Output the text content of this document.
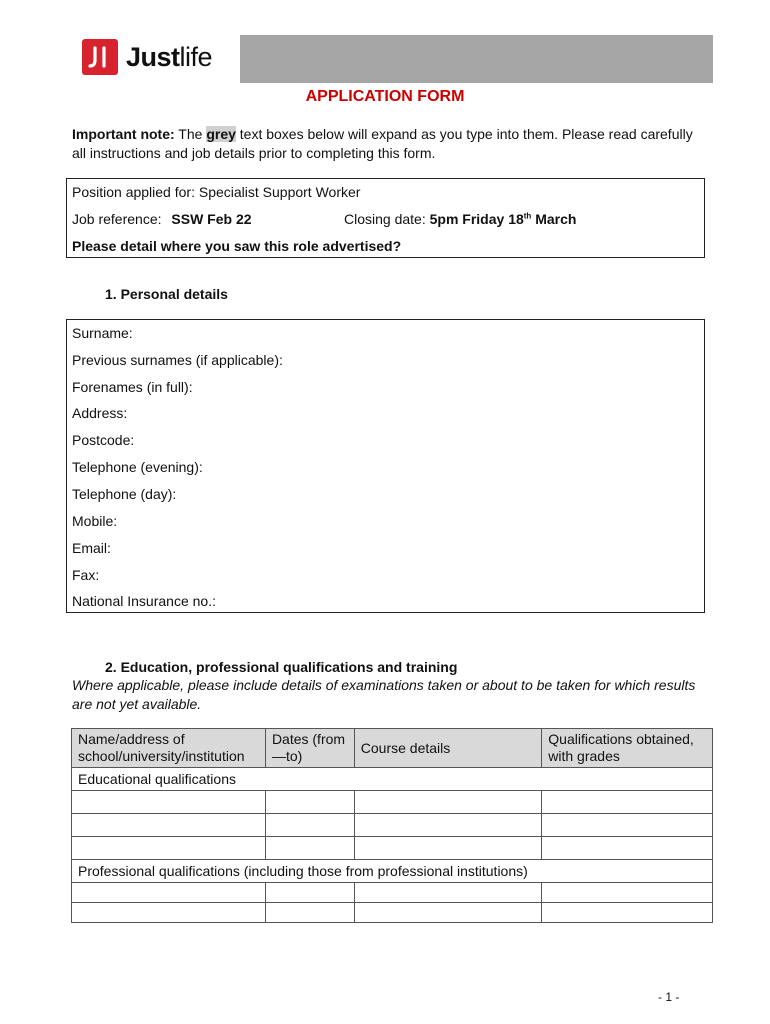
Justlife
APPLICATION FORM
Important note: The grey text boxes below will expand as you type into them. Please read carefully all instructions and job details prior to completing this form.
Position applied for: Specialist Support Worker
Job reference: SSW Feb 22	Closing date: 5pm Friday 18th March
Please detail where you saw this role advertised?
1. Personal details
Surname:
Previous surnames (if applicable):
Forenames (in full):
Address:
Postcode:
Telephone (evening):
Telephone (day):
Mobile:
Email:
Fax:
National Insurance no.:
2. Education, professional qualifications and training
Where applicable, please include details of examinations taken or about to be taken for which results are not yet available.
Name/address of school/university/institution	Dates (from—to)	Course details	Qualifications obtained, with grades
Educational qualifications			

Professional qualifications (including those from professional institutions)			

- 1 -
